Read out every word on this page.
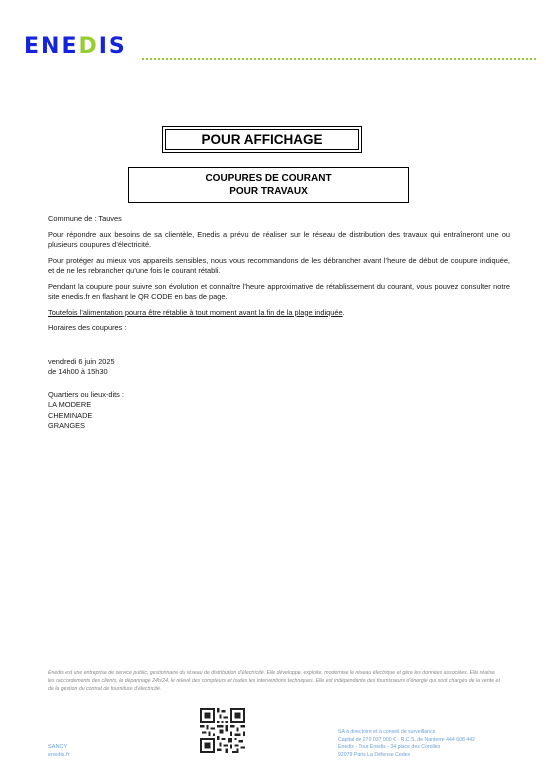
ENEDIS
POUR AFFICHAGE
COUPURES DE COURANT
POUR TRAVAUX

Commune de : Tauves

Pour répondre aux besoins de sa clientèle, Enedis a prévu de réaliser sur le réseau de distribution des travaux qui entraîneront une ou plusieurs coupures d’électricité.

Pour protéger au mieux vos appareils sensibles, nous vous recommandons de les débrancher avant l’heure de début de coupure indiquée, et de ne les rebrancher qu’une fois le courant rétabli.

Pendant la coupure pour suivre son évolution et connaître l’heure approximative de rétablissement du courant, vous pouvez consulter notre site enedis.fr en flashant le QR CODE en bas de page.

Toutefois l’alimentation pourra être rétablie à tout moment avant la fin de la plage indiquée.

Horaires des coupures :

vendredi 6 juin 2025
de 14h00 à 15h30
Quartiers ou lieux-dits :
LA MODERE
CHEMINADE
GRANGES
Enedis est une entreprise de service public, gestionnaire du réseau de distribution d’électricité. Elle développe, exploite, modernise le réseau électrique et gère les données associées. Elle réalise les raccordements des clients, le dépannage 24h/24, le relevé des compteurs et toutes les interventions techniques. Elle est indépendante des fournisseurs d’énergie qui sont chargés de la vente et de la gestion du contrat de fourniture d’électricité.
SANCY
enedis.fr
SA à directoire et à conseil de surveillance
Capital de 270 037 000 € - R.C.S. de Nanterre 444 608 442
Enedis - Tour Enedis - 34 place des Corolles
92079 Paris La Défense Cedex
